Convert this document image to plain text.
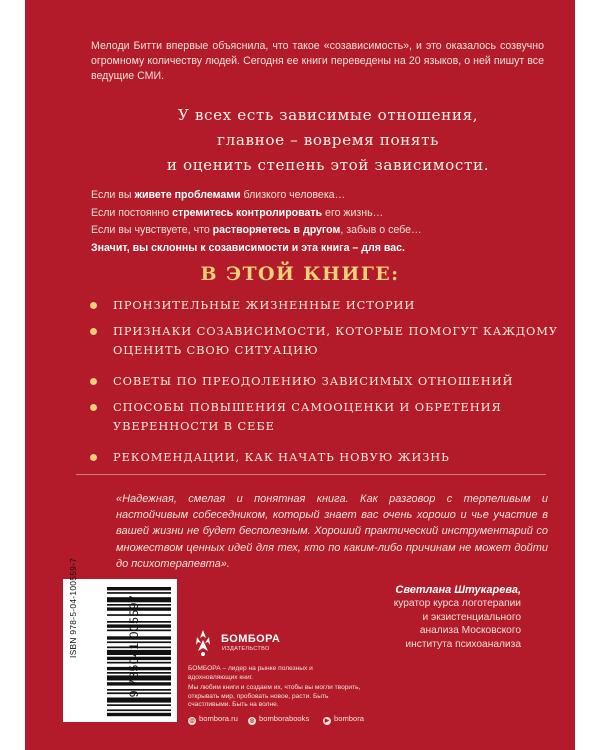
Мелоди Битти впервые объяснила, что такое «созависимость», и это оказалось созвучно огромному количеству людей. Сегодня ее книги переведены на 20 языков, о ней пишут все ведущие СМИ.
У всех есть зависимые отношения,
главное – вовремя понять
и оценить степень этой зависимости.
Если вы живете проблемами близкого человека…
Если постоянно стремитесь контролировать его жизнь…
Если вы чувствуете, что растворяетесь в другом, забыв о себе…
Значит, вы склонны к созависимости и эта книга – для вас.
В ЭТОЙ КНИГЕ:
ПРОНЗИТЕЛЬНЫЕ ЖИЗНЕННЫЕ ИСТОРИИ
ПРИЗНАКИ СОЗАВИСИМОСТИ, КОТОРЫЕ ПОМОГУТ КАЖДОМУ
ОЦЕНИТЬ СВОЮ СИТУАЦИЮ
СОВЕТЫ ПО ПРЕОДОЛЕНИЮ ЗАВИСИМЫХ ОТНОШЕНИЙ
СПОСОБЫ ПОВЫШЕНИЯ САМООЦЕНКИ И ОБРЕТЕНИЯ
УВЕРЕННОСТИ В СЕБЕ
РЕКОМЕНДАЦИИ, КАК НАЧАТЬ НОВУЮ ЖИЗНЬ
«Надежная, смелая и понятная книга. Как разговор с терпеливым и настойчивым собеседником, который знает вас очень хорошо и чье участие в вашей жизни не будет бесполезным. Хороший практический инструментарий со множеством ценных идей для тех, кто по каким-либо причинам не может дойти до психотерапевта».
Светлана Штукарева,
куратор курса логотерапии
и экзистенциального
анализа Московского
института психоанализа
ISBN 978-5-04-100559-7	9 785041 005597	БОМБОРА
ИЗДАТЕЛЬСТВО

БОМБОРА – лидер на рынке полезных и вдохновляющих книг.

Мы любим книги и создаем их, чтобы вы могли творить, открывать мир, пробовать новое, расти. Быть счастливыми. Быть на волне.

@ bombora.ru ◎ bomborabooks	▶ bombora
